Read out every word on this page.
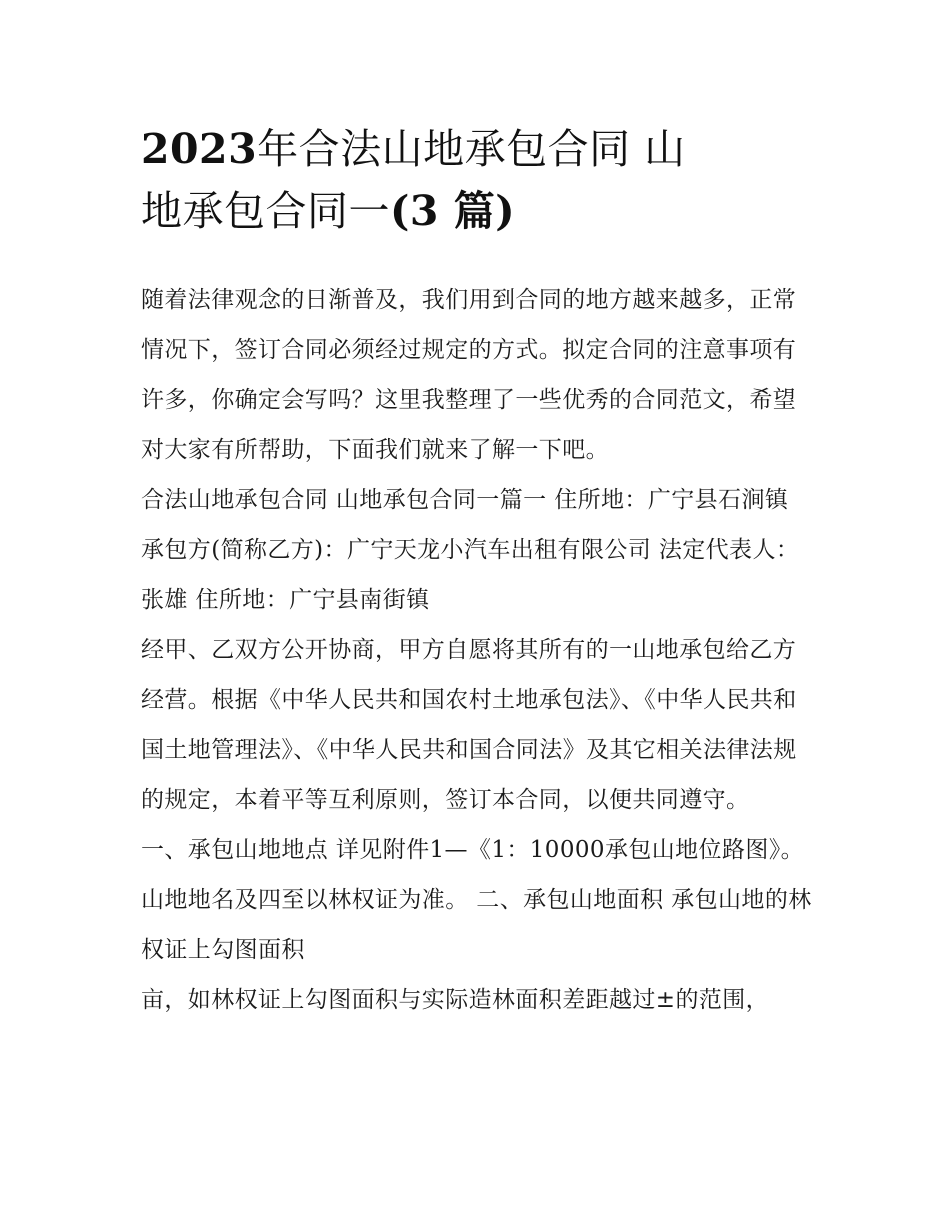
2023年合法山地承包合同 山
地承包合同一(3 篇)

随着法律观念的日渐普及，我们用到合同的地方越来越多，正常情况下，签订合同必须经过规定的方式。拟定合同的注意事项有许多，你确定会写吗？这里我整理了一些优秀的合同范文，希望对大家有所帮助，下面我们就来了解一下吧。

合法山地承包合同 山地承包合同一篇一 住所地：广宁县石涧镇 承包方(简称乙方)：广宁天龙小汽车出租有限公司 法定代表人：张雄 住所地：广宁县南街镇

经甲、乙双方公开协商，甲方自愿将其所有的一山地承包给乙方经营。根据《中华人民共和国农村土地承包法》、《中华人民共和国土地管理法》、《中华人民共和国合同法》及其它相关法律法规的规定，本着平等互利原则，签订本合同，以便共同遵守。

一、承包山地地点 详见附件1—《1：10000承包山地位路图》。 山地地名及四至以林权证为准。 二、承包山地面积 承包山地的林权证上勾图面积

亩，如林权证上勾图面积与实际造林面积差距越过±的范围，
